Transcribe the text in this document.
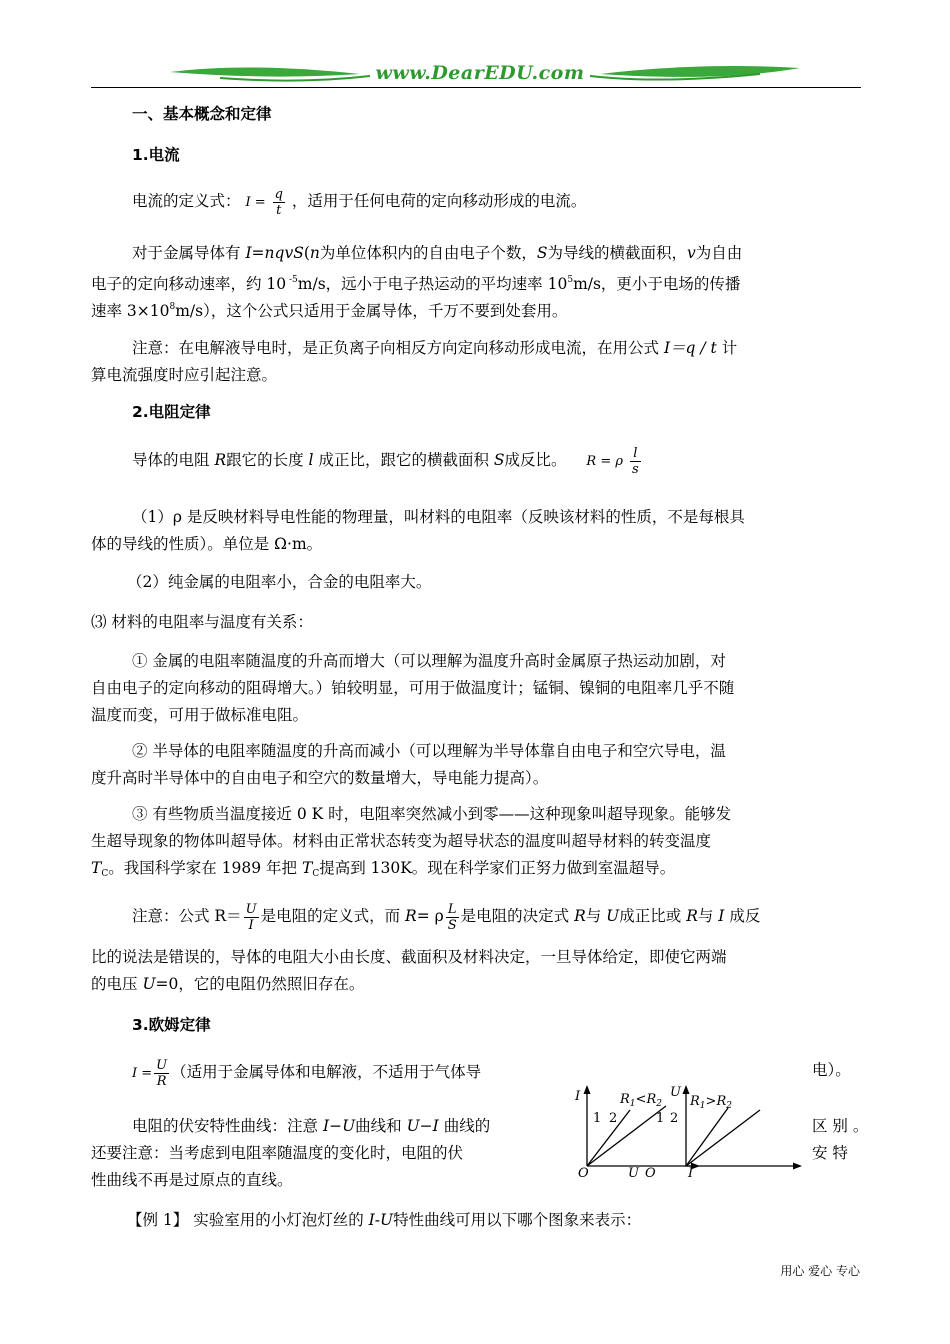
www.DearEDU.com
一、基本概念和定律
1.电流
电流的定义式： $I = \frac{q}{t}$ ，适用于任何电荷的定向移动形成的电流。
对于金属导体有 I=nqvS(n为单位体积内的自由电子个数，S为导线的横截面积，v为自由
电子的定向移动速率，约 10 $^{-5}$m/s，远小于电子热运动的平均速率 $10^5m/s$，更小于电场的传播
速率 $3\times 10^8m/s$），这个公式只适用于金属导体，千万不要到处套用。
注意：在电解液导电时，是正负离子向相反方向定向移动形成电流，在用公式 I＝q / t 计
算电流强度时应引起注意。
2.电阻定律
导体的电阻 R跟它的长度 l 成正比，跟它的横截面积 S成反比。 R = ρ $\frac{l}{s}$
（1）ρ 是反映材料导电性能的物理量，叫材料的电阻率（反映该材料的性质，不是每根具
体的导线的性质）。单位是 Ω·m。
（2）纯金属的电阻率小，合金的电阻率大。
⑶ 材料的电阻率与温度有关系：
① 金属的电阻率随温度的升高而增大（可以理解为温度升高时金属原子热运动加剧，对
自由电子的定向移动的阻碍增大。）铂较明显，可用于做温度计；锰铜、镍铜的电阻率几乎不随
温度而变，可用于做标准电阻。
② 半导体的电阻率随温度的升高而减小（可以理解为半导体靠自由电子和空穴导电，温
度升高时半导体中的自由电子和空穴的数量增大，导电能力提高）。
③ 有些物质当温度接近 0 K 时，电阻率突然减小到零——这种现象叫超导现象。能够发
生超导现象的物体叫超导体。材料由正常状态转变为超导状态的温度叫超导材料的转变温度
$T_C$。我国科学家在 1989 年把 $T_C$提高到 130K。现在科学家们正努力做到室温超导。
注意：公式 $R= \frac{U}{I}$ 是电阻的定义式，而 R= ρ $\frac{L}{S}$ 是电阻的决定式 R与 U成正比或 R与 I 成反
比的说法是错误的，导体的电阻大小由长度、截面积及材料决定，一旦导体给定，即使它两端
的电压 U=0，它的电阻仍然照旧存在。
3.欧姆定律
$I = \frac{U}{R}$ （适用于金属导体和电解液，不适用于气体导	电）。
电阻的伏安特性曲线：注意 I−U曲线和 U−I 曲线的	区 别 。
还要注意：当考虑到电阻率随温度的变化时，电阻的伏	安 特
性曲线不再是过原点的直线。
I
O	U
$R_1<R_2$
1 2
U
O I
$R_1>R_2$
1 2
【例 1】 实验室用的小灯泡灯丝的 I-U特性曲线可用以下哪个图象来表示：
用心 爱心 专心
